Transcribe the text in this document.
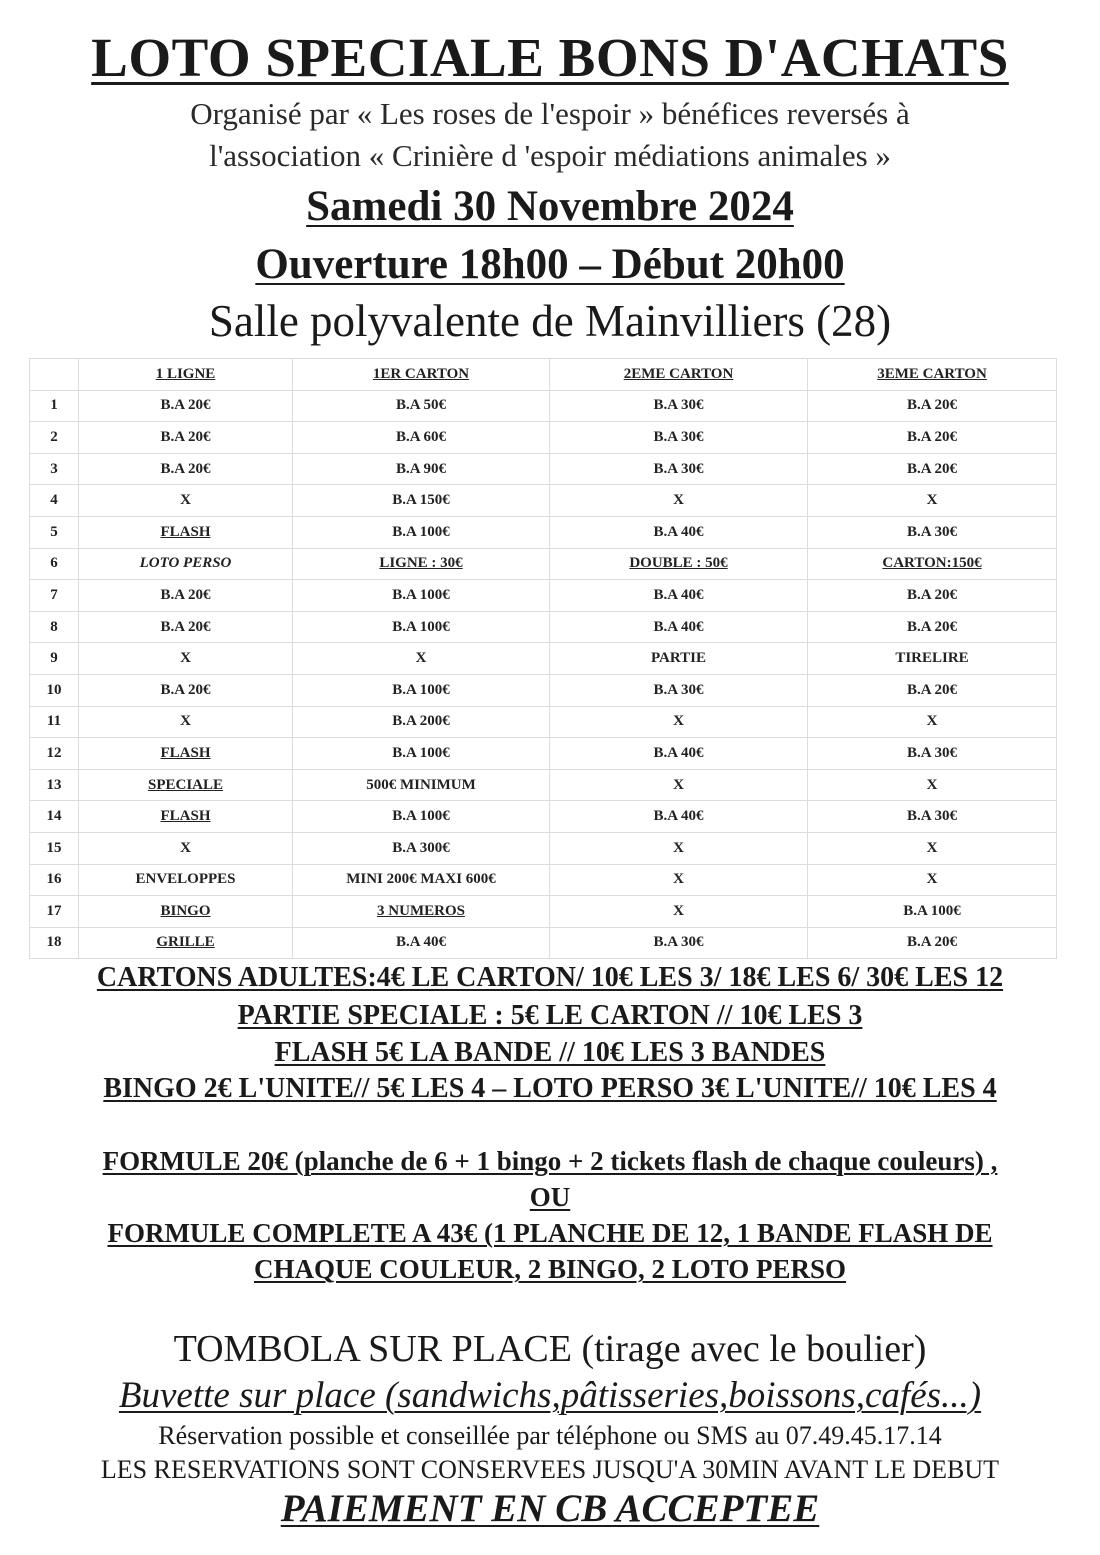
LOTO SPECIALE BONS D'ACHATS
Organisé par « Les roses de l'espoir » bénéfices reversés à
l'association « Crinière d 'espoir médiations animales »
Samedi 30 Novembre 2024
Ouverture 18h00 – Début 20h00
Salle polyvalente de Mainvilliers (28)
	1 LIGNE	1ER CARTON	2EME CARTON	3EME CARTON
1	B.A 20€	B.A 50€	B.A 30€	B.A 20€
2	B.A 20€	B.A 60€	B.A 30€	B.A 20€
3	B.A 20€	B.A 90€	B.A 30€	B.A 20€
4	X	B.A 150€	X	X
5	FLASH	B.A 100€	B.A 40€	B.A 30€
6	LOTO PERSO	LIGNE : 30€	DOUBLE : 50€	CARTON:150€
7	B.A 20€	B.A 100€	B.A 40€	B.A 20€
8	B.A 20€	B.A 100€	B.A 40€	B.A 20€
9	X	X	PARTIE	TIRELIRE
10	B.A 20€	B.A 100€	B.A 30€	B.A 20€
11	X	B.A 200€	X	X
12	FLASH	B.A 100€	B.A 40€	B.A 30€
13	SPECIALE	500€ MINIMUM	X	X
14	FLASH	B.A 100€	B.A 40€	B.A 30€
15	X	B.A 300€	X	X
16	ENVELOPPES	MINI 200€ MAXI 600€	X	X
17	BINGO	3 NUMEROS	X	B.A 100€
18	GRILLE	B.A 40€	B.A 30€	B.A 20€
CARTONS ADULTES:4€ LE CARTON/ 10€ LES 3/ 18€ LES 6/ 30€ LES 12
PARTIE SPECIALE : 5€ LE CARTON // 10€ LES 3
FLASH 5€ LA BANDE // 10€ LES 3 BANDES
BINGO 2€ L'UNITE// 5€ LES 4 – LOTO PERSO 3€ L'UNITE// 10€ LES 4
FORMULE 20€ (planche de 6 + 1 bingo + 2 tickets flash de chaque couleurs) ,
OU
FORMULE COMPLETE A 43€ (1 PLANCHE DE 12, 1 BANDE FLASH DE
CHAQUE COULEUR, 2 BINGO, 2 LOTO PERSO
TOMBOLA SUR PLACE (tirage avec le boulier)
Buvette sur place (sandwichs,pâtisseries,boissons,cafés...)
Réservation possible et conseillée par téléphone ou SMS au 07.49.45.17.14
LES RESERVATIONS SONT CONSERVEES JUSQU'A 30MIN AVANT LE DEBUT
PAIEMENT EN CB ACCEPTEE
